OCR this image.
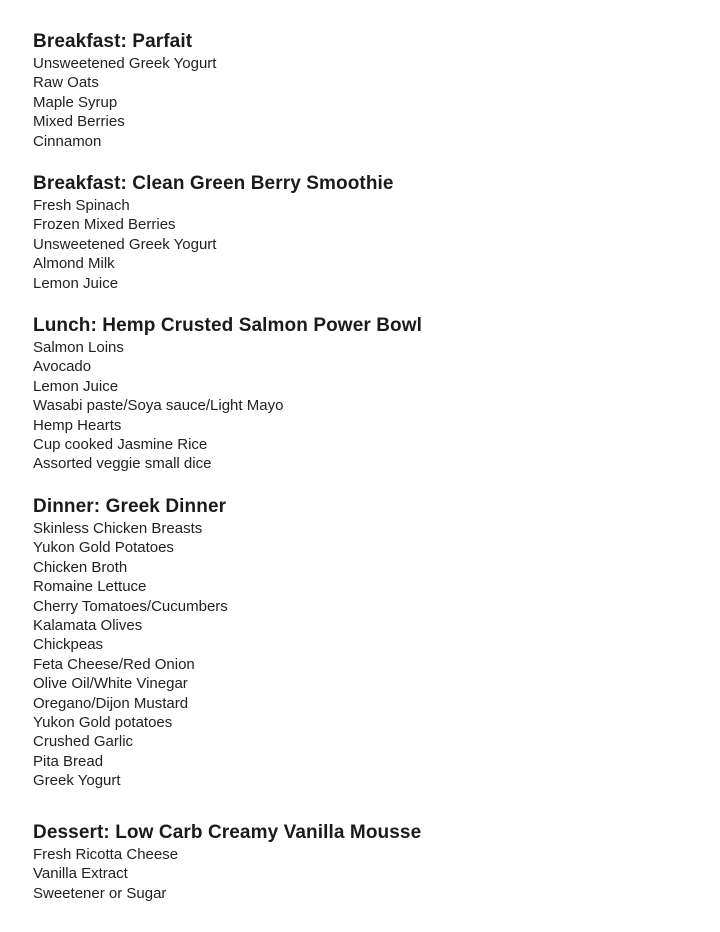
Breakfast: Parfait
Unsweetened Greek Yogurt
Raw Oats
Maple Syrup
Mixed Berries
Cinnamon
Breakfast: Clean Green Berry Smoothie
Fresh Spinach
Frozen Mixed Berries
Unsweetened Greek Yogurt
Almond Milk
Lemon Juice
Lunch: Hemp Crusted Salmon Power Bowl
Salmon Loins
Avocado
Lemon Juice
Wasabi paste/Soya sauce/Light Mayo
Hemp Hearts
Cup cooked Jasmine Rice
Assorted veggie small dice
Dinner: Greek Dinner
Skinless Chicken Breasts
Yukon Gold Potatoes
Chicken Broth
Romaine Lettuce
Cherry Tomatoes/Cucumbers
Kalamata Olives
Chickpeas
Feta Cheese/Red Onion
Olive Oil/White Vinegar
Oregano/Dijon Mustard
Yukon Gold potatoes
Crushed Garlic
Pita Bread
Greek Yogurt
Dessert: Low Carb Creamy Vanilla Mousse
Fresh Ricotta Cheese
Vanilla Extract
Sweetener or Sugar
